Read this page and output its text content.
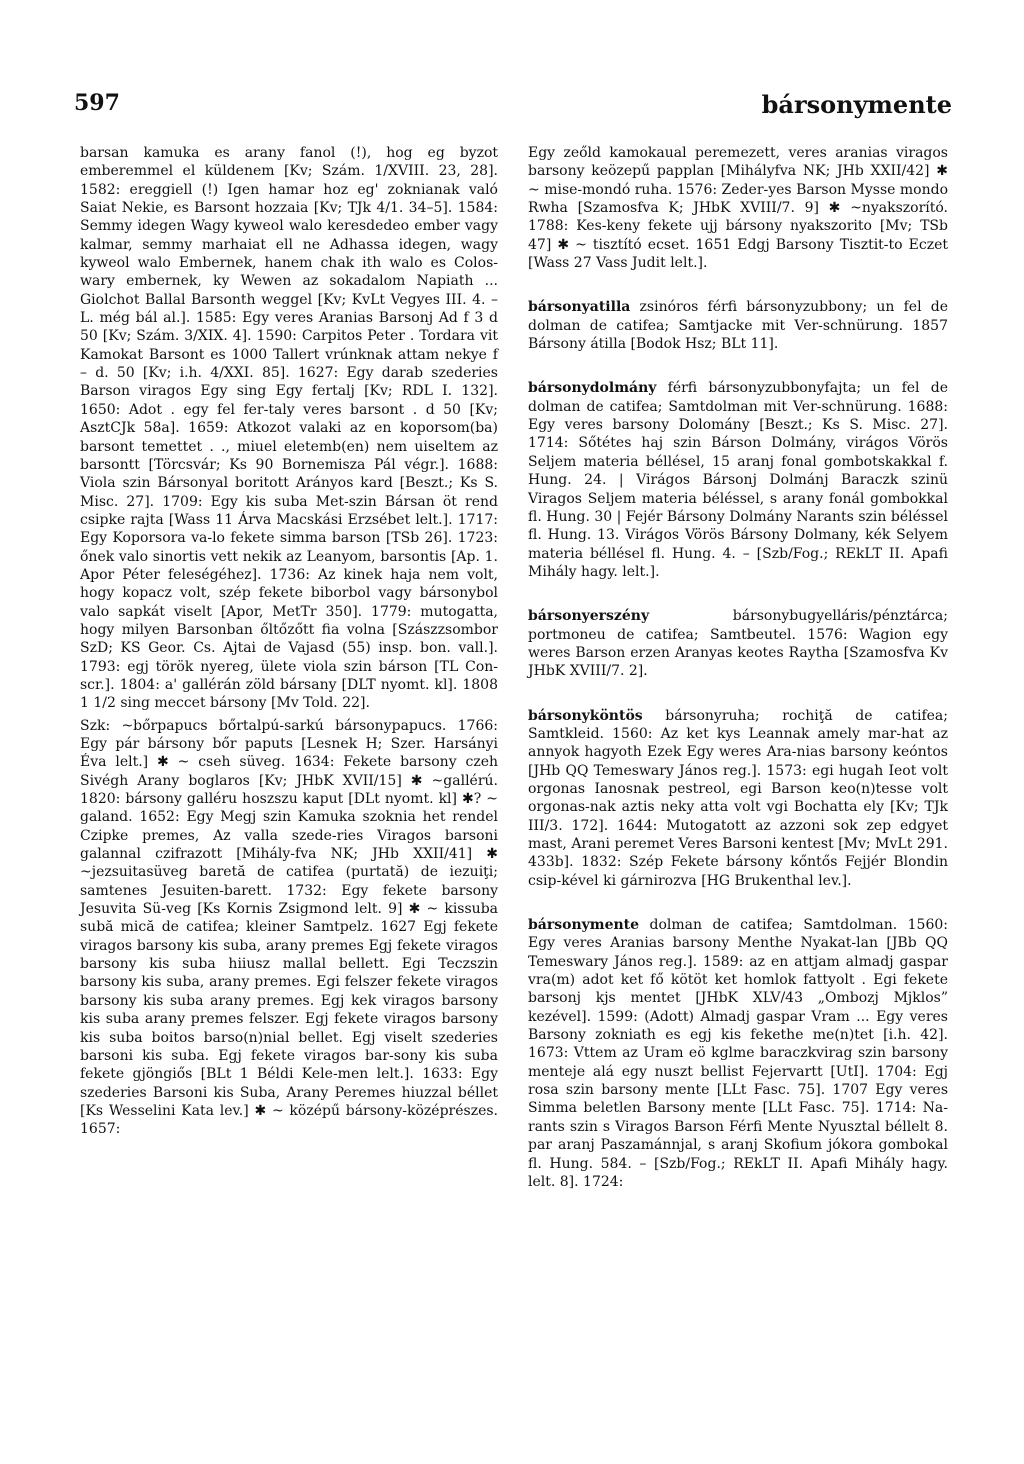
597	bársonymente

barsan kamuka es arany fanol (!), hog eg byzot emberemmel el küldenem [Kv; Szám. 1/XVIII. 23, 28]. 1582: ereggiell (!) Igen hamar hoz eg' zoknianak való Saiat Nekie, es Barsont hozzaia [Kv; TJk 4/1. 34–5]. 1584: Semmy idegen Wagy kyweol walo keresdedeo ember vagy kalmar, semmy marhaiat ell ne Adhassa idegen, wagy kyweol walo Embernek, hanem chak ith walo es Colos-wary embernek, ky Wewen az sokadalom Napiath ... Giolchot Ballal Barsonth weggel [Kv; KvLt Vegyes III. 4. – L. még bál al.]. 1585: Egy veres Aranias Barsonj Ad f 3 d 50 [Kv; Szám. 3/XIX. 4]. 1590: Carpitos Peter . Tordara vit Kamokat Barsont es 1000 Tallert vrúnknak attam nekye f – d. 50 [Kv; i.h. 4/XXI. 85]. 1627: Egy darab szederies Barson viragos Egy sing Egy fertalj [Kv; RDL I. 132]. 1650: Adot . egy fel fer-taly veres barsont . d 50 [Kv; AsztCJk 58a]. 1659: Atkozot valaki az en koporsom(ba) barsont temettet . ., miuel eletemb(en) nem uiseltem az barsontt [Törcsvár; Ks 90 Bornemisza Pál végr.]. 1688: Viola szin Bársonyal boritott Arányos kard [Beszt.; Ks S. Misc. 27]. 1709: Egy kis suba Met-szin Bársan öt rend csipke rajta [Wass 11 Árva Macskási Erzsébet lelt.]. 1717: Egy Koporsora va-lo fekete simma barson [TSb 26]. 1723: őnek valo sinortis vett nekik az Leanyom, barsontis [Ap. 1. Apor Péter feleségéhez]. 1736: Az kinek haja nem volt, hogy kopacz volt, szép fekete biborbol vagy bársonybol valo sapkát viselt [Apor, MetTr 350]. 1779: mutogatta, hogy milyen Barsonban őltőzőtt fia volna [Szászzsombor SzD; KS Geor. Cs. Ajtai de Vajasd (55) insp. bon. vall.]. 1793: egj török nyereg, ülete viola szin bárson [TL Con-scr.]. 1804: a' gallérán zöld bársany [DLT nyomt. kl]. 1808 1 1/2 sing meccet bársony [Mv Told. 22].

Szk: ~bőrpapucs bőrtalpú-sarkú bársonypapucs. 1766: Egy pár bársony bőr paputs [Lesnek H; Szer. Harsányi Éva lelt.] ✱ ~ cseh süveg. 1634: Fekete barsony czeh Sivégh Arany boglaros [Kv; JHbK XVII/15] ✱ ~gallérú. 1820: bársony galléru hoszszu kaput [DLt nyomt. kl] ✱? ~ galand. 1652: Egy Megj szin Kamuka szoknia het rendel Czipke premes, Az valla szede-ries Viragos barsoni galannal czifrazott [Mihály-fva NK; JHb XXII/41] ✱ ~jezsuitasüveg baretă de catifea (purtată) de iezuiţi; samtenes Jesuiten-barett. 1732: Egy fekete barsony Jesuvita Sü-veg [Ks Kornis Zsigmond lelt. 9] ✱ ~ kissuba subă mică de catifea; kleiner Samtpelz. 1627 Egj fekete viragos barsony kis suba, arany premes Egj fekete viragos barsony kis suba hiiusz mallal bellett. Egi Teczszin barsony kis suba, arany premes. Egi felszer fekete viragos barsony kis suba arany premes. Egj kek viragos barsony kis suba arany premes felszer. Egj fekete viragos barsony kis suba boitos barso(n)nial bellet. Egj viselt szederies barsoni kis suba. Egj fekete viragos bar-sony kis suba fekete gjöngiős [BLt 1 Béldi Kele-men lelt.]. 1633: Egy szederies Barsoni kis Suba, Arany Peremes hiuzzal béllet [Ks Wesselini Kata lev.] ✱ ~ középű bársony-középrészes. 1657:

Egy zeőld kamokaual peremezett, veres aranias viragos barsony keözepű papplan [Mihályfva NK; JHb XXII/42] ✱ ~ mise-mondó ruha. 1576: Zeder-yes Barson Mysse mondo Rwha [Szamosfva K; JHbK XVIII/7. 9] ✱ ~nyakszorító. 1788: Kes-keny fekete ujj bársony nyakszorito [Mv; TSb 47] ✱ ~ tisztító ecset. 1651 Edgj Barsony Tisztit-to Eczet [Wass 27 Vass Judit lelt.].

bársonyatilla zsinóros férfi bársonyzubbony; un fel de dolman de catifea; Samtjacke mit Ver-schnürung. 1857 Bársony átilla [Bodok Hsz; BLt 11].

bársonydolmány férfi bársonyzubbonyfajta; un fel de dolman de catifea; Samtdolman mit Ver-schnürung. 1688: Egy veres barsony Dolomány [Beszt.; Ks S. Misc. 27]. 1714: Sőtétes haj szin Bárson Dolmány, virágos Vörös Seljem materia béllésel, 15 aranj fonal gombotskakkal f. Hung. 24. | Virágos Bársonj Dolmánj Baraczk szinü Viragos Seljem materia béléssel, s arany fonál gombokkal fl. Hung. 30 | Fejér Bársony Dolmány Narants szin béléssel fl. Hung. 13. Virágos Vörös Bársony Dolmany, kék Selyem materia béllésel fl. Hung. 4. – [Szb/Fog.; REkLT II. Apafi Mihály hagy. lelt.].

bársonyerszény bársonybugyelláris/pénztárca; portmoneu de catifea; Samtbeutel. 1576: Wagion egy weres Barson erzen Aranyas keotes Raytha [Szamosfva Kv JHbK XVIII/7. 2].

bársonyköntös bársonyruha; rochiţă de catifea; Samtkleid. 1560: Az ket kys Leannak amely mar-hat az annyok hagyoth Ezek Egy weres Ara-nias barsony keóntos [JHb QQ Temeswary János reg.]. 1573: egi hugah Ieot volt orgonas Ianosnak pestreol, egi Barson keo(n)tesse volt orgonas-nak aztis neky atta volt vgi Bochatta ely [Kv; TJk III/3. 172]. 1644: Mutogatott az azzoni sok zep edgyet mast, Arani peremet Veres Barsoni kentest [Mv; MvLt 291. 433b]. 1832: Szép Fekete bársony kőntős Fejjér Blondin csip-kével ki gárnirozva [HG Brukenthal lev.].

bársonymente dolman de catifea; Samtdolman. 1560: Egy veres Aranias barsony Menthe Nyakat-lan [JBb QQ Temeswary János reg.]. 1589: az en attjam almadj gaspar vra(m) adot ket fő kötöt ket homlok fattyolt . Egi fekete barsonj kjs mentet [JHbK XLV/43 „Ombozj Mjklos” kezével]. 1599: (Adott) Almadj gaspar Vram ... Egy veres Barsony zokniath es egj kis fekethe me(n)tet [i.h. 42]. 1673: Vttem az Uram eö kglme baraczkvirag szin barsony menteje alá egy nuszt bellist Fejervartt [UtI]. 1704: Egj rosa szin barsony mente [LLt Fasc. 75]. 1707 Egy veres Simma beletlen Barsony mente [LLt Fasc. 75]. 1714: Na-rants szin s Viragos Barson Férfi Mente Nyusztal béllelt 8. par aranj Paszamánnjal, s aranj Skofium jókora gombokal fl. Hung. 584. – [Szb/Fog.; REkLT II. Apafi Mihály hagy. lelt. 8]. 1724:
